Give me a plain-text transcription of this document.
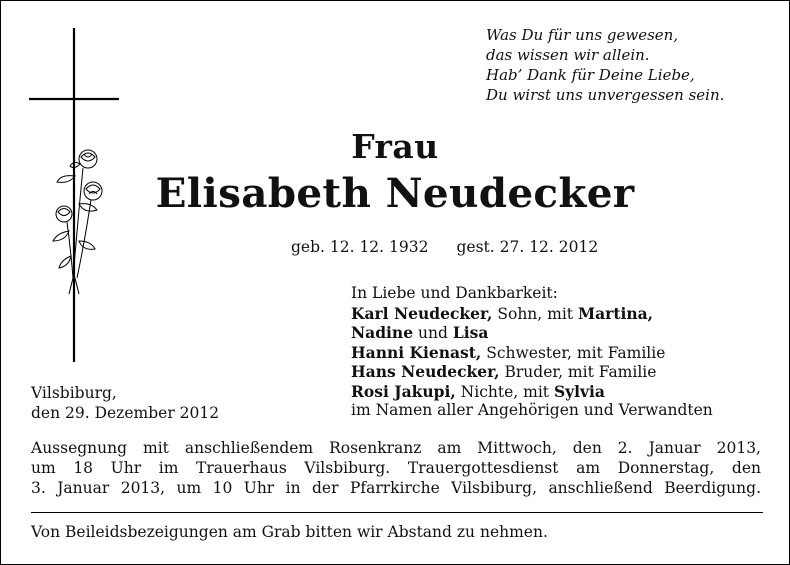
Was Du für uns gewesen,
das wissen wir allein.
Hab’ Dank für Deine Liebe,
Du wirst uns unvergessen sein.
Frau
Elisabeth Neudecker
geb. 12. 12. 1932 gest. 27. 12. 2012
In Liebe und Dankbarkeit:
Karl Neudecker, Sohn, mit Martina,
Nadine und Lisa
Hanni Kienast, Schwester, mit Familie
Hans Neudecker, Bruder, mit Familie
Rosi Jakupi, Nichte, mit Sylvia
im Namen aller Angehörigen und Verwandten
Vilsbiburg,
den 29. Dezember 2012
Aussegnung mit anschließendem Rosenkranz am Mittwoch, den 2. Januar 2013,
um 18 Uhr im Trauerhaus Vilsbiburg. Trauergottesdienst am Donnerstag, den
3. Januar 2013, um 10 Uhr in der Pfarrkirche Vilsbiburg, anschließend Beerdigung.
Von Beileidsbezeigungen am Grab bitten wir Abstand zu nehmen.
